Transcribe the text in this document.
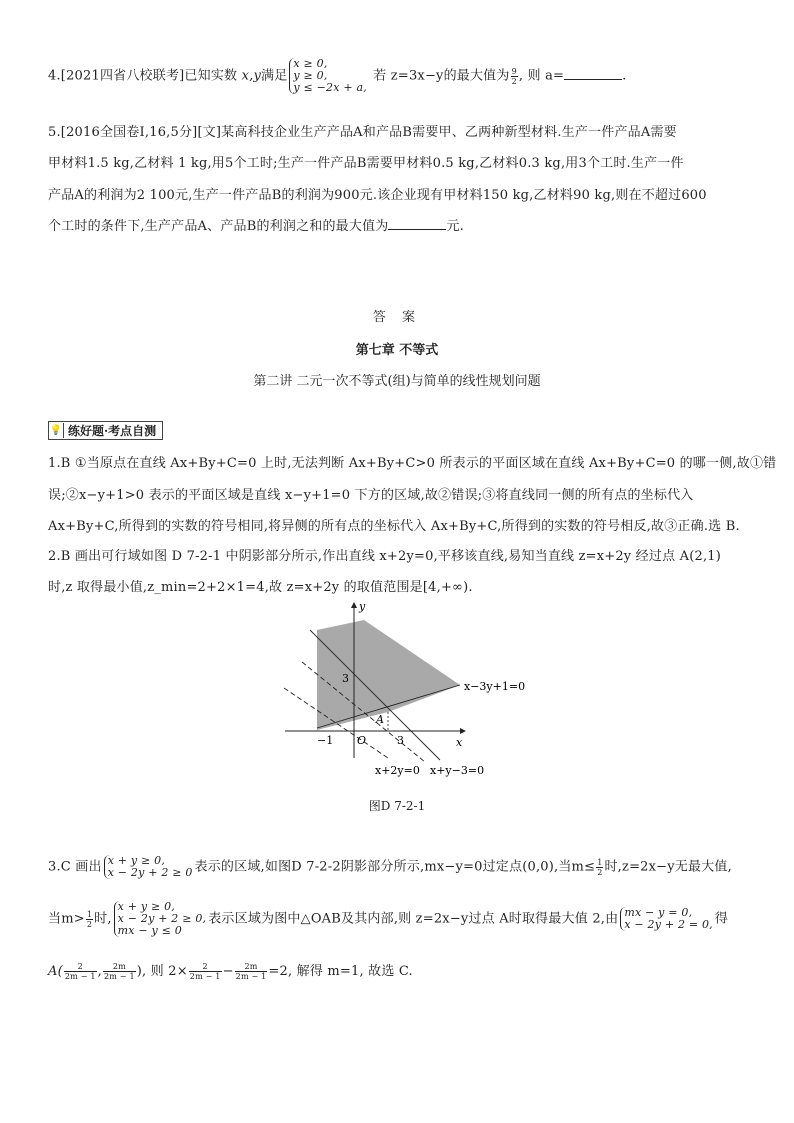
4.[2021四省八校联考]已知实数 x,y满足
x ≥ 0,
y ≥ 0,
y ≤ −2x + a,
若 z=3x−y的最大值为 $\frac{9}{2}$ , 则 a=	.
5.[2016全国卷Ⅰ,16,5分][文]某高科技企业生产产品A和产品B需要甲、乙两种新型材料.生产一件产品A需要
甲材料1.5 kg,乙材料 1 kg,用5个工时;生产一件产品B需要甲材料0.5 kg,乙材料0.3 kg,用3个工时.生产一件
产品A的利润为2 100元,生产一件产品B的利润为900元.该企业现有甲材料150 kg,乙材料90 kg,则在不超过600
个工时的条件下,生产产品A、产品B的利润之和的最大值为	元.
答 案
第七章 不等式
第二讲 二元一次不等式(组)与简单的线性规划问题
💡 练好题·考点自测
1.B ①当原点在直线 Ax+By+C=0 上时,无法判断 Ax+By+C>0 所表示的平面区域在直线 Ax+By+C=0 的哪一侧,故①错
误;②x−y+1>0 表示的平面区域是直线 x−y+1=0 下方的区域,故②错误;③将直线同一侧的所有点的坐标代入
Ax+By+C,所得到的实数的符号相同,将异侧的所有点的坐标代入 Ax+By+C,所得到的实数的符号相反,故③正确.选 B.
2.B 画出可行域如图 D 7-2-1 中阴影部分所示,作出直线 x+2y=0,平移该直线,易知当直线 z=x+2y 经过点 A(2,1)
时,z 取得最小值,z_min=2+2×1=4,故 z=x+2y 的取值范围是[4,+∞).
y
x
O
−1
3
3
A
x−3y+1=0
x+2y=0 x+y−3=0
图D 7-2-1
3.C 画出 x + y ≥ 0,
x − 2y + 2 ≥ 0 表示的区域,如图D 7-2-2阴影部分所示,mx−y=0过定点(0,0),当$m\le \frac{1}{2}$ 时,z=2x−y无最大值,
当$m> \frac{1}{2}$ 时,
x + y ≥ 0,
x − 2y + 2 ≥ 0,
mx − y ≤ 0
表示区域为图中△OAB及其内部,则 z=2x−y过点 A时取得最大值 2,由 mx − y = 0,
x − 2y + 2 = 0, 得
$A( \frac{2}{2m - 1}$ , $\frac{2m}{2m - 1}$ ), 则 $2\times \frac{2}{2m - 1} - \frac{2m}{2m - 1} =2$, 解得 m=1, 故选 C.
